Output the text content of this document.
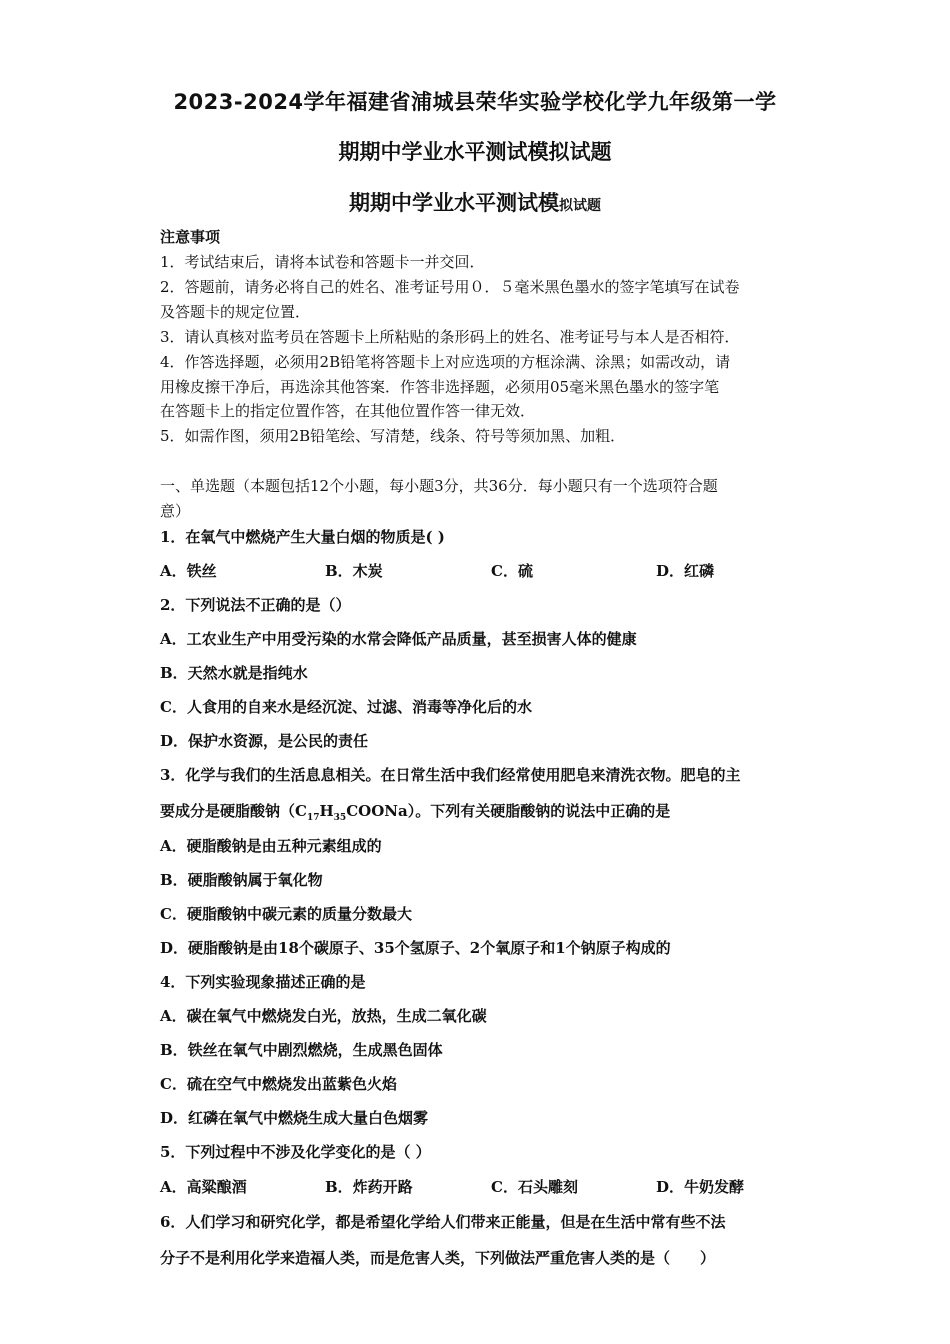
2023-2024学年福建省浦城县荣华实验学校化学九年级第一学
期期中学业水平测试模拟试题
期期中学业水平测试模拟试题
注意事项
1．考试结束后，请将本试卷和答题卡一并交回．
2．答题前，请务必将自己的姓名、准考证号用０．５毫米黑色墨水的签字笔填写在试卷
及答题卡的规定位置．
3．请认真核对监考员在答题卡上所粘贴的条形码上的姓名、准考证号与本人是否相符．
4．作答选择题，必须用2B铅笔将答题卡上对应选项的方框涂满、涂黑；如需改动，请
用橡皮擦干净后，再选涂其他答案．作答非选择题，必须用05毫米黑色墨水的签字笔
在答题卡上的指定位置作答，在其他位置作答一律无效．
5．如需作图，须用2B铅笔绘、写清楚，线条、符号等须加黑、加粗．
一、单选题（本题包括12个小题，每小题3分，共36分．每小题只有一个选项符合题
意）
1．在氧气中燃烧产生大量白烟的物质是( )
A．铁丝	B．木炭	C．硫	D．红磷
2．下列说法不正确的是（）
A．工农业生产中用受污染的水常会降低产品质量，甚至损害人体的健康
B．天然水就是指纯水
C．人食用的自来水是经沉淀、过滤、消毒等净化后的水
D．保护水资源，是公民的责任
3．化学与我们的生活息息相关。在日常生活中我们经常使用肥皂来清洗衣物。肥皂的主
要成分是硬脂酸钠$(C_{17}H_{35}COONa)$。下列有关硬脂酸钠的说法中正确的是
A．硬脂酸钠是由五种元素组成的
B．硬脂酸钠属于氧化物
C．硬脂酸钠中碳元素的质量分数最大
D．硬脂酸钠是由18个碳原子、35个氢原子、2个氧原子和1个钠原子构成的
4．下列实验现象描述正确的是
A．碳在氧气中燃烧发白光，放热，生成二氧化碳
B．铁丝在氧气中剧烈燃烧，生成黑色固体
C．硫在空气中燃烧发出蓝紫色火焰
D．红磷在氧气中燃烧生成大量白色烟雾
5．下列过程中不涉及化学变化的是（ ）
A．高粱酿酒	B．炸药开路	C．石头雕刻	D．牛奶发酵
6．人们学习和研究化学，都是希望化学给人们带来正能量，但是在生活中常有些不法
分子不是利用化学来造福人类，而是危害人类，下列做法严重危害人类的是（　　）
